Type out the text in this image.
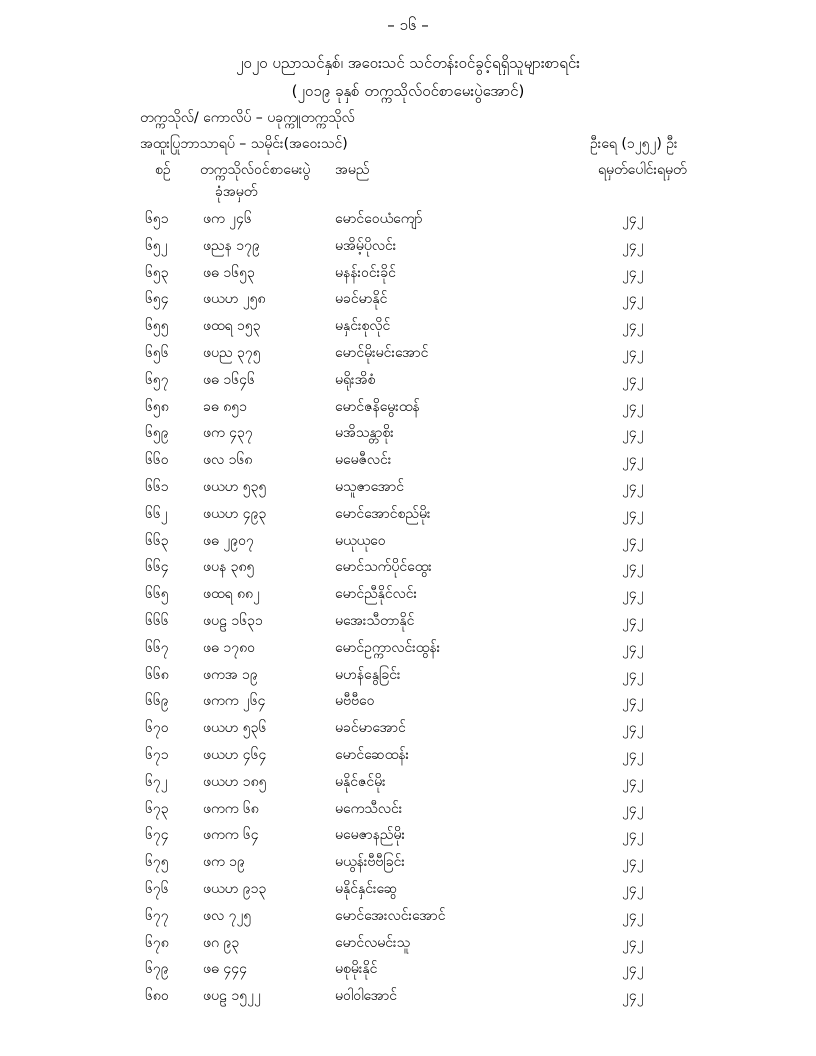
– ၁၆ –
၂၀၂၀ ပညာသင်နှစ်၊ အဝေးသင် သင်တန်းဝင်ခွင့်ရရှိသူများစာရင်း
(၂၀၁၉ ခုနှစ် တက္ကသိုလ်ဝင်စာမေးပွဲအောင်)
တက္ကသိုလ်/ ကောလိပ် – ပခုက္ကူတက္ကသိုလ်
အထူးပြုဘာသာရပ် – သမိုင်း(အဝေးသင်)	ဦးရေ (၁၂၅၂) ဦး
စဉ် တက္ကသိုလ်ဝင်စာမေးပွဲ
ခုံအမှတ်
အမည်	ရမှတ်ပေါင်းရမှတ်
၆၅၁ ဖက ၂၄၆	မောင်ဝေယံကျော်	၂၄၂
၆၅၂	ဖညန ၁၇၉	မအိမ့်ပိုလင်း	၂၄၂
၆၅၃ ဖဓ ၁၆၅၃	မနန်းဝင်းခိုင်	၂၄၂
၆၅၄ ဖယဟ ၂၅၈	မခင်မာနိုင်	၂၄၂
၆၅၅ ဖထရ ၁၅၃	မနှင်းစုလိုင်	၂၄၂
၆၅၆ ဖပည ၃၇၅	မောင်မိုးမင်းအောင်	၂၄၂
၆၅၇ ဖဓ ၁၆၄၆	မရိုးအိစံ	၂၄၂
၆၅၈ ခဓ ၈၅၁	မောင်ဇနိမွေးထန်	၂၄၂
၆၅၉ ဖက ၄၃၇	မအိသန္တာစိုး	၂၄၂
၆၆၀ ဖလ ၁၆၈	မမေဇီလင်း	၂၄၂
၆၆၁ ဖယဟ ၅၃၅	မသူဇာအောင်	၂၄၂
၆၆၂	ဖယဟ ၄၉၃	မောင်အောင်စည်မိုး	၂၄၂
၆၆၃ ဖဓ ၂၉၀၇	မယုယုဝေ	၂၄၂
၆၆၄ ဖပန ၃၈၅	မောင်သက်ပိုင်ထွေး	၂၄၂
၆၆၅ ဖထရ ၈၈၂	မောင်ညီနိုင်လင်း	၂၄၂
၆၆၆ ဖပဠ ၁၆၃၁	မအေးသီတာနိုင်	၂၄၂
၆၆၇ ဖဓ ၁၇၈၀	မောင်ဥက္ကာလင်းထွန်း	၂၄၂
၆၆၈ ဖကအ ၁၉	မဟန်နွေခြင်း	၂၄၂
၆၆၉ ဖကက ၂၆၄	မဗီဗီဝေ	၂၄၂
၆၇၀ ဖယဟ ၅၃၆	မခင်မာအောင်	၂၄၂
၆၇၁ ဖယဟ ၄၆၄	မောင်ဆေထန်း	၂၄၂
၆၇၂	ဖယဟ ၁၈၅	မနိုင်ဇင်မိုး	၂၄၂
၆၇၃ ဖကက ၆၈	မကေသီလင်း	၂၄၂
၆၇၄ ဖကက ၆၄	မမေဇာနည်မိုး	၂၄၂
၆၇၅ ဖက ၁၉	မယွန်းဗီဗီခြင်း	၂၄၂
၆၇၆ ဖယဟ ၉၁၃	မနိုင်နှင်းဆွေ	၂၄၂
၆၇၇ ဖလ ၇၂၅	မောင်အေးလင်းအောင်	၂၄၂
၆၇၈ ဖဂ ၉၃	မောင်လမင်းသူ	၂၄၂
၆၇၉ ဖဓ ၄၄၄	မစုမိုးနိုင်	၂၄၂
၆၈၀ ဖပဠ ၁၅၂၂	မဝါဝါအောင်	၂၄၂
